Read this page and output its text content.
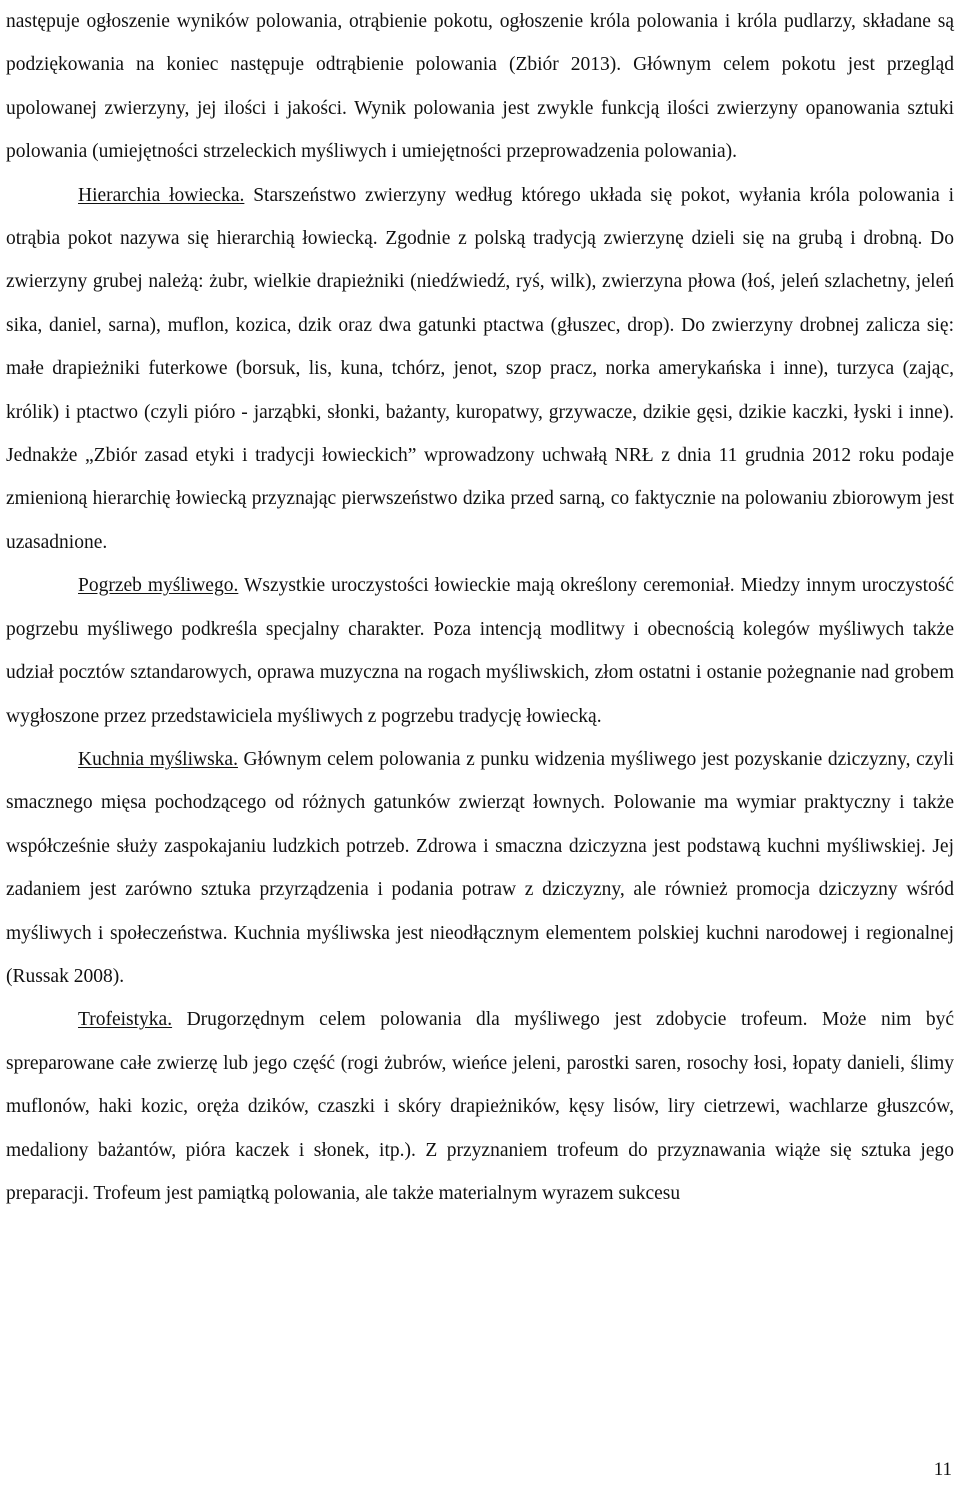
następuje ogłoszenie wyników polowania, otrąbienie pokotu, ogłoszenie króla polowania i króla pudlarzy, składane są podziękowania na koniec następuje odtrąbienie polowania (Zbiór 2013). Głównym celem pokotu jest przegląd upolowanej zwierzyny, jej ilości i jakości. Wynik polowania jest zwykle funkcją ilości zwierzyny opanowania sztuki polowania (umiejętności strzeleckich myśliwych i umiejętności przeprowadzenia polowania).

Hierarchia łowiecka. Starszeństwo zwierzyny według którego układa się pokot, wyłania króla polowania i otrąbia pokot nazywa się hierarchią łowiecką. Zgodnie z polską tradycją zwierzynę dzieli się na grubą i drobną. Do zwierzyny grubej należą: żubr, wielkie drapieżniki (niedźwiedź, ryś, wilk), zwierzyna płowa (łoś, jeleń szlachetny, jeleń sika, daniel, sarna), muflon, kozica, dzik oraz dwa gatunki ptactwa (głuszec, drop). Do zwierzyny drobnej zalicza się: małe drapieżniki futerkowe (borsuk, lis, kuna, tchórz, jenot, szop pracz, norka amerykańska i inne), turzyca (zając, królik) i ptactwo (czyli pióro - jarząbki, słonki, bażanty, kuropatwy, grzywacze, dzikie gęsi, dzikie kaczki, łyski i inne). Jednakże „Zbiór zasad etyki i tradycji łowieckich” wprowadzony uchwałą NRŁ z dnia 11 grudnia 2012 roku podaje zmienioną hierarchię łowiecką przyznając pierwszeństwo dzika przed sarną, co faktycznie na polowaniu zbiorowym jest uzasadnione.

Pogrzeb myśliwego. Wszystkie uroczystości łowieckie mają określony ceremoniał. Miedzy innym uroczystość pogrzebu myśliwego podkreśla specjalny charakter. Poza intencją modlitwy i obecnością kolegów myśliwych także udział pocztów sztandarowych, oprawa muzyczna na rogach myśliwskich, złom ostatni i ostanie pożegnanie nad grobem wygłoszone przez przedstawiciela myśliwych z pogrzebu tradycję łowiecką.

Kuchnia myśliwska. Głównym celem polowania z punku widzenia myśliwego jest pozyskanie dziczyzny, czyli smacznego mięsa pochodzącego od różnych gatunków zwierząt łownych. Polowanie ma wymiar praktyczny i także współcześnie służy zaspokajaniu ludzkich potrzeb. Zdrowa i smaczna dziczyzna jest podstawą kuchni myśliwskiej. Jej zadaniem jest zarówno sztuka przyrządzenia i podania potraw z dziczyzny, ale również promocja dziczyzny wśród myśliwych i społeczeństwa. Kuchnia myśliwska jest nieodłącznym elementem polskiej kuchni narodowej i regionalnej (Russak 2008).

Trofeistyka. Drugorzędnym celem polowania dla myśliwego jest zdobycie trofeum. Może nim być spreparowane całe zwierzę lub jego część (rogi żubrów, wieńce jeleni, parostki saren, rosochy łosi, łopaty danieli, ślimy muflonów, haki kozic, oręża dzików, czaszki i skóry drapieżników, kęsy lisów, liry cietrzewi, wachlarze głuszców, medaliony bażantów, pióra kaczek i słonek, itp.). Z przyznaniem trofeum do przyznawania wiąże się sztuka jego preparacji. Trofeum jest pamiątką polowania, ale także materialnym wyrazem sukcesu

11
